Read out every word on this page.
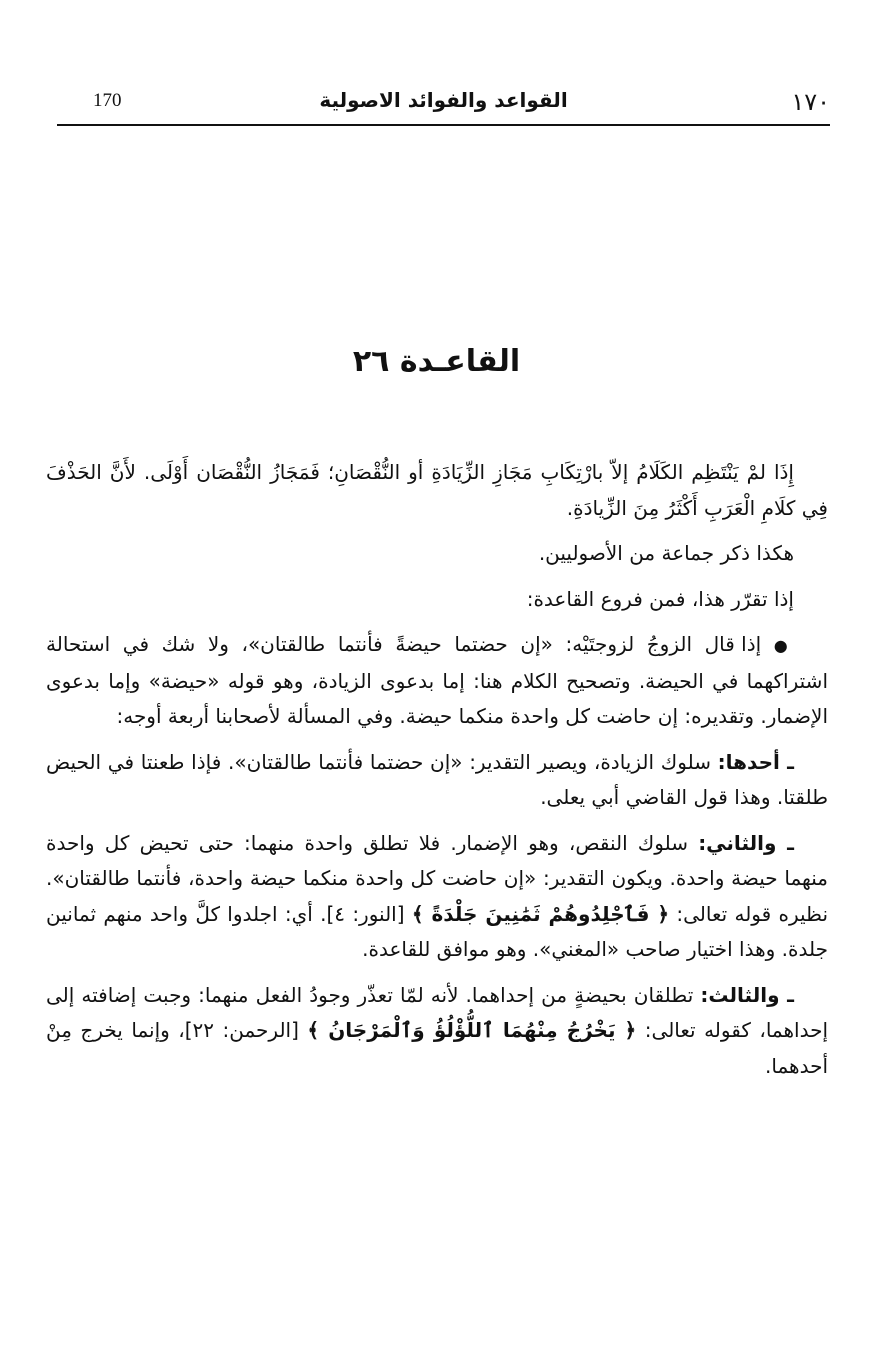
١٧٠
القواعد والفوائد الاصولية
170
القاعـدة ٢٦

إِذَا لمْ يَنْتَظِم الكَلَامُ إلاّ بارْتِكَابِ مَجَازِ الزِّيَادَةِ أو النُّقْصَانِ؛ فَمَجَازُ النُّقْصَان أَوْلَى. لأَنَّ الحَذْفَ فِي كلَامِ الْعَرَبِ أَكْثَرُ مِنَ الزِّيادَةِ.

هكذا ذكر جماعة من الأصوليين.

إذا تقرّر هذا، فمن فروع القاعدة:

● إذا قال الزوجُ لزوجتَيْه: «إن حضتما حيضةً فأنتما طالقتان»، ولا شك في استحالة اشتراكهما في الحيضة. وتصحيح الكلام هنا: إما بدعوى الزيادة، وهو قوله «حيضة» وإما بدعوى الإضمار. وتقديره: إن حاضت كل واحدة منكما حيضة. وفي المسألة لأصحابنا أربعة أوجه:

ـ أحدها: سلوك الزيادة، ويصير التقدير: «إن حضتما فأنتما طالقتان». فإذا طعنتا في الحيض طلقتا. وهذا قول القاضي أبي يعلى.

ـ والثاني: سلوك النقص، وهو الإضمار. فلا تطلق واحدة منهما: حتى تحيض كل واحدة منهما حيضة واحدة. ويكون التقدير: «إن حاضت كل واحدة منكما حيضة واحدة، فأنتما طالقتان». نظيره قوله تعالى: ﴿ فَٱجْلِدُوهُمْ ثَمَٰنِينَ جَلْدَةً ﴾ [النور: ٤]. أي: اجلدوا كلَّ واحد منهم ثمانين جلدة. وهذا اختيار صاحب «المغني». وهو موافق للقاعدة.

ـ والثالث: تطلقان بحيضةٍ من إحداهما. لأنه لمّا تعذّر وجودُ الفعل منهما: وجبت إضافته إلى إحداهما، كقوله تعالى: ﴿ يَخْرُجُ مِنْهُمَا ٱللُّؤْلُؤُ وَٱلْمَرْجَانُ ﴾ [الرحمن: ٢٢]، وإنما يخرج مِنْ أحدهما.
